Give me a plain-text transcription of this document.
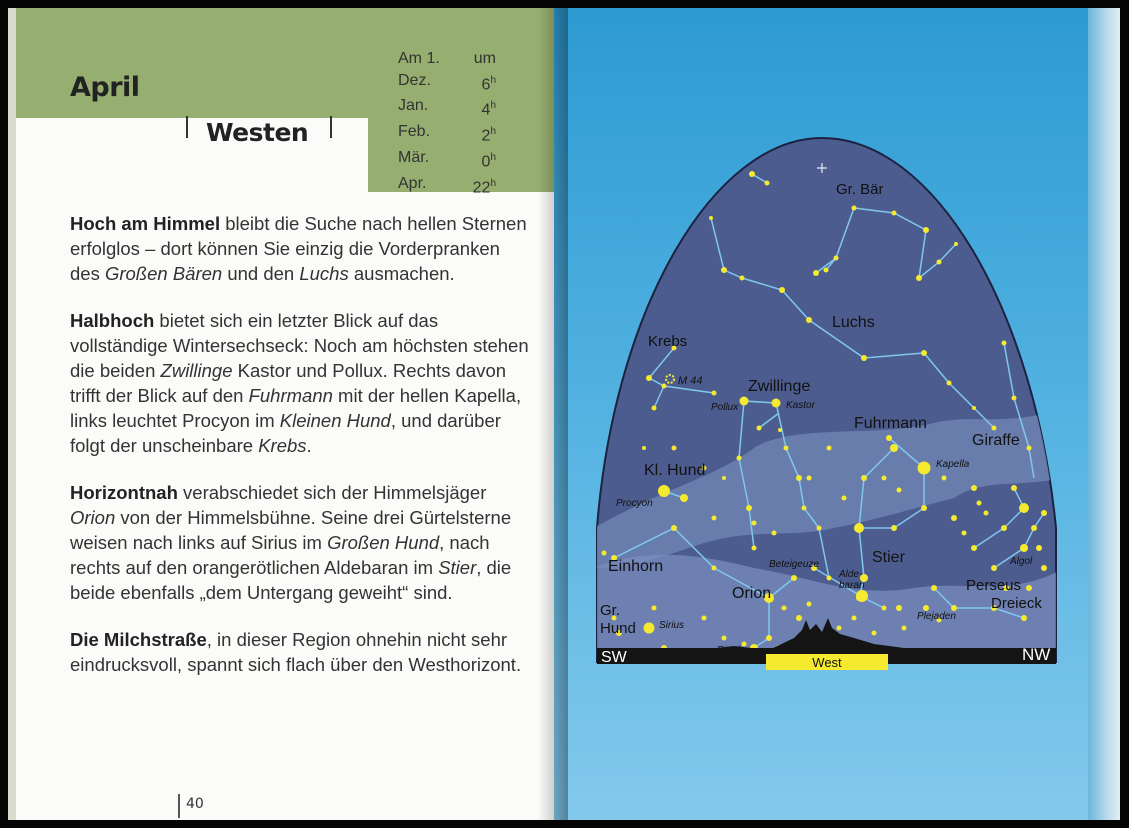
April
Westen
Am 1. um
Dez.	6$^h$
Jan.	4$^h$
Feb.	2$^h$
Mär.	0$^h$
Apr.	22$^h$

Hoch am Himmel bleibt die Suche nach hellen Sternen erfolglos – dort können Sie einzig die Vorderpranken des Großen Bären und den Luchs ausmachen.

Halbhoch bietet sich ein letzter Blick auf das vollständige Wintersechseck: Noch am höchsten stehen die beiden Zwillinge Kastor und Pollux. Rechts davon trifft der Blick auf den Fuhrmann mit der hellen Kapella, links leuchtet Procyon im Kleinen Hund, und darüber folgt der unscheinbare Krebs.

Horizontnah verabschiedet sich der Himmelsjäger Orion von der Himmelsbühne. Seine drei Gürtelsterne weisen nach links auf Sirius im Großen Hund, nach rechts auf den orangerötlichen Aldebaran im Stier, die beide ebenfalls „dem Untergang geweiht“ sind.

Die Milchstraße, in dieser Region ohnehin nicht sehr eindrucksvoll, spannt sich flach über den Westhorizont.

40
Gr. Bär
Luchs
Krebs
M 44	Zwillinge
Pollux	Kastor
Fuhrmann
Giraffe
Kapella
Kl. Hund
Procyon
Einhorn	Beteigeuze	Stier
Alde-
baran
Algol
Perseus
Dreieck
Orion
Plejaden
Gr.
Hund Sirius
West
SW	NW
